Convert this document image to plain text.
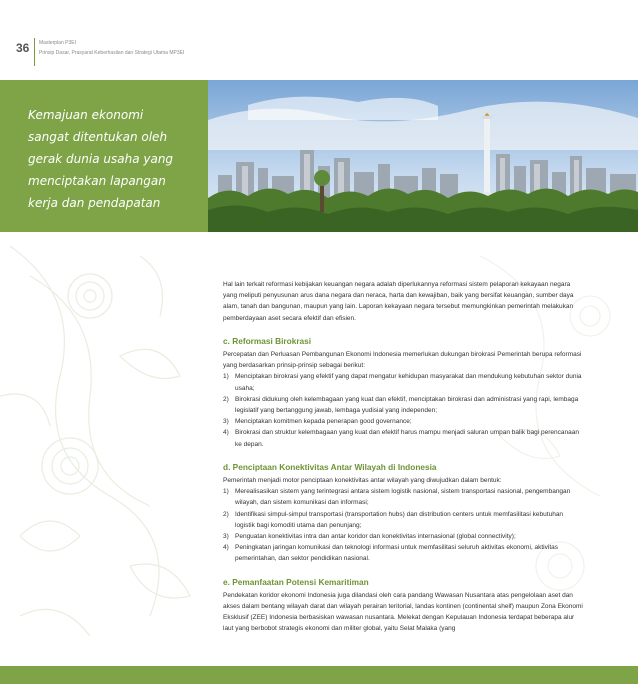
36 Masterplan P3EI
Prinsip Dasar, Prasyarat Keberhasilan dan Strategi Utama MP3EI
Kemajuan ekonomi
sangat ditentukan oleh
gerak dunia usaha yang
menciptakan lapangan
kerja dan pendapatan

Hal lain terkait reformasi kebijakan keuangan negara adalah diperlukannya reformasi sistem pelaporan kekayaan negara yang meliputi penyusunan arus dana negara dan neraca, harta dan kewajiban, baik yang bersifat keuangan, sumber daya alam, tanah dan bangunan, maupun yang lain. Laporan kekayaan negara tersebut memungkinkan pemerintah melakukan pemberdayaan aset secara efektif dan efisien.

c. Reformasi Birokrasi

Percepatan dan Perluasan Pembangunan Ekonomi Indonesia memerlukan dukungan birokrasi Pemerintah berupa reformasi yang berdasarkan prinsip-prinsip sebagai berikut:

1) Menciptakan birokrasi yang efektif yang dapat mengatur kehidupan masyarakat dan mendukung kebutuhan sektor dunia usaha;
2) Birokrasi didukung oleh kelembagaan yang kuat dan efektif, menciptakan birokrasi dan administrasi yang rapi, lembaga legislatif yang bertanggung jawab, lembaga yudisial yang independen;
3) Menciptakan komitmen kepada penerapan good governance;
4) Birokrasi dan struktur kelembagaan yang kuat dan efektif harus mampu menjadi saluran umpan balik bagi perencanaan ke depan.
d. Penciptaan Konektivitas Antar Wilayah di Indonesia

Pemerintah menjadi motor penciptaan konektivitas antar wilayah yang diwujudkan dalam bentuk:

1) Merealisasikan sistem yang terintegrasi antara sistem logistik nasional, sistem transportasi nasional, pengembangan wilayah, dan sistem komunikasi dan informasi;
2) Identifikasi simpul-simpul transportasi (transportation hubs) dan distribution centers untuk memfasilitasi kebutuhan logistik bagi komoditi utama dan penunjang;
3) Penguatan konektivitas intra dan antar koridor dan konektivitas internasional (global connectivity);
4) Peningkatan jaringan komunikasi dan teknologi informasi untuk memfasilitasi seluruh aktivitas ekonomi, aktivitas pemerintahan, dan sektor pendidikan nasional.
e. Pemanfaatan Potensi Kemaritiman

Pendekatan koridor ekonomi Indonesia juga dilandasi oleh cara pandang Wawasan Nusantara atas pengelolaan aset dan akses dalam bentang wilayah darat dan wilayah perairan teritorial, landas kontinen (continental shelf) maupun Zona Ekonomi Eksklusif (ZEE) Indonesia berbasiskan wawasan nusantara. Melekat dengan Kepulauan Indonesia terdapat beberapa alur laut yang berbobot strategis ekonomi dan militer global, yaitu Selat Malaka (yang
